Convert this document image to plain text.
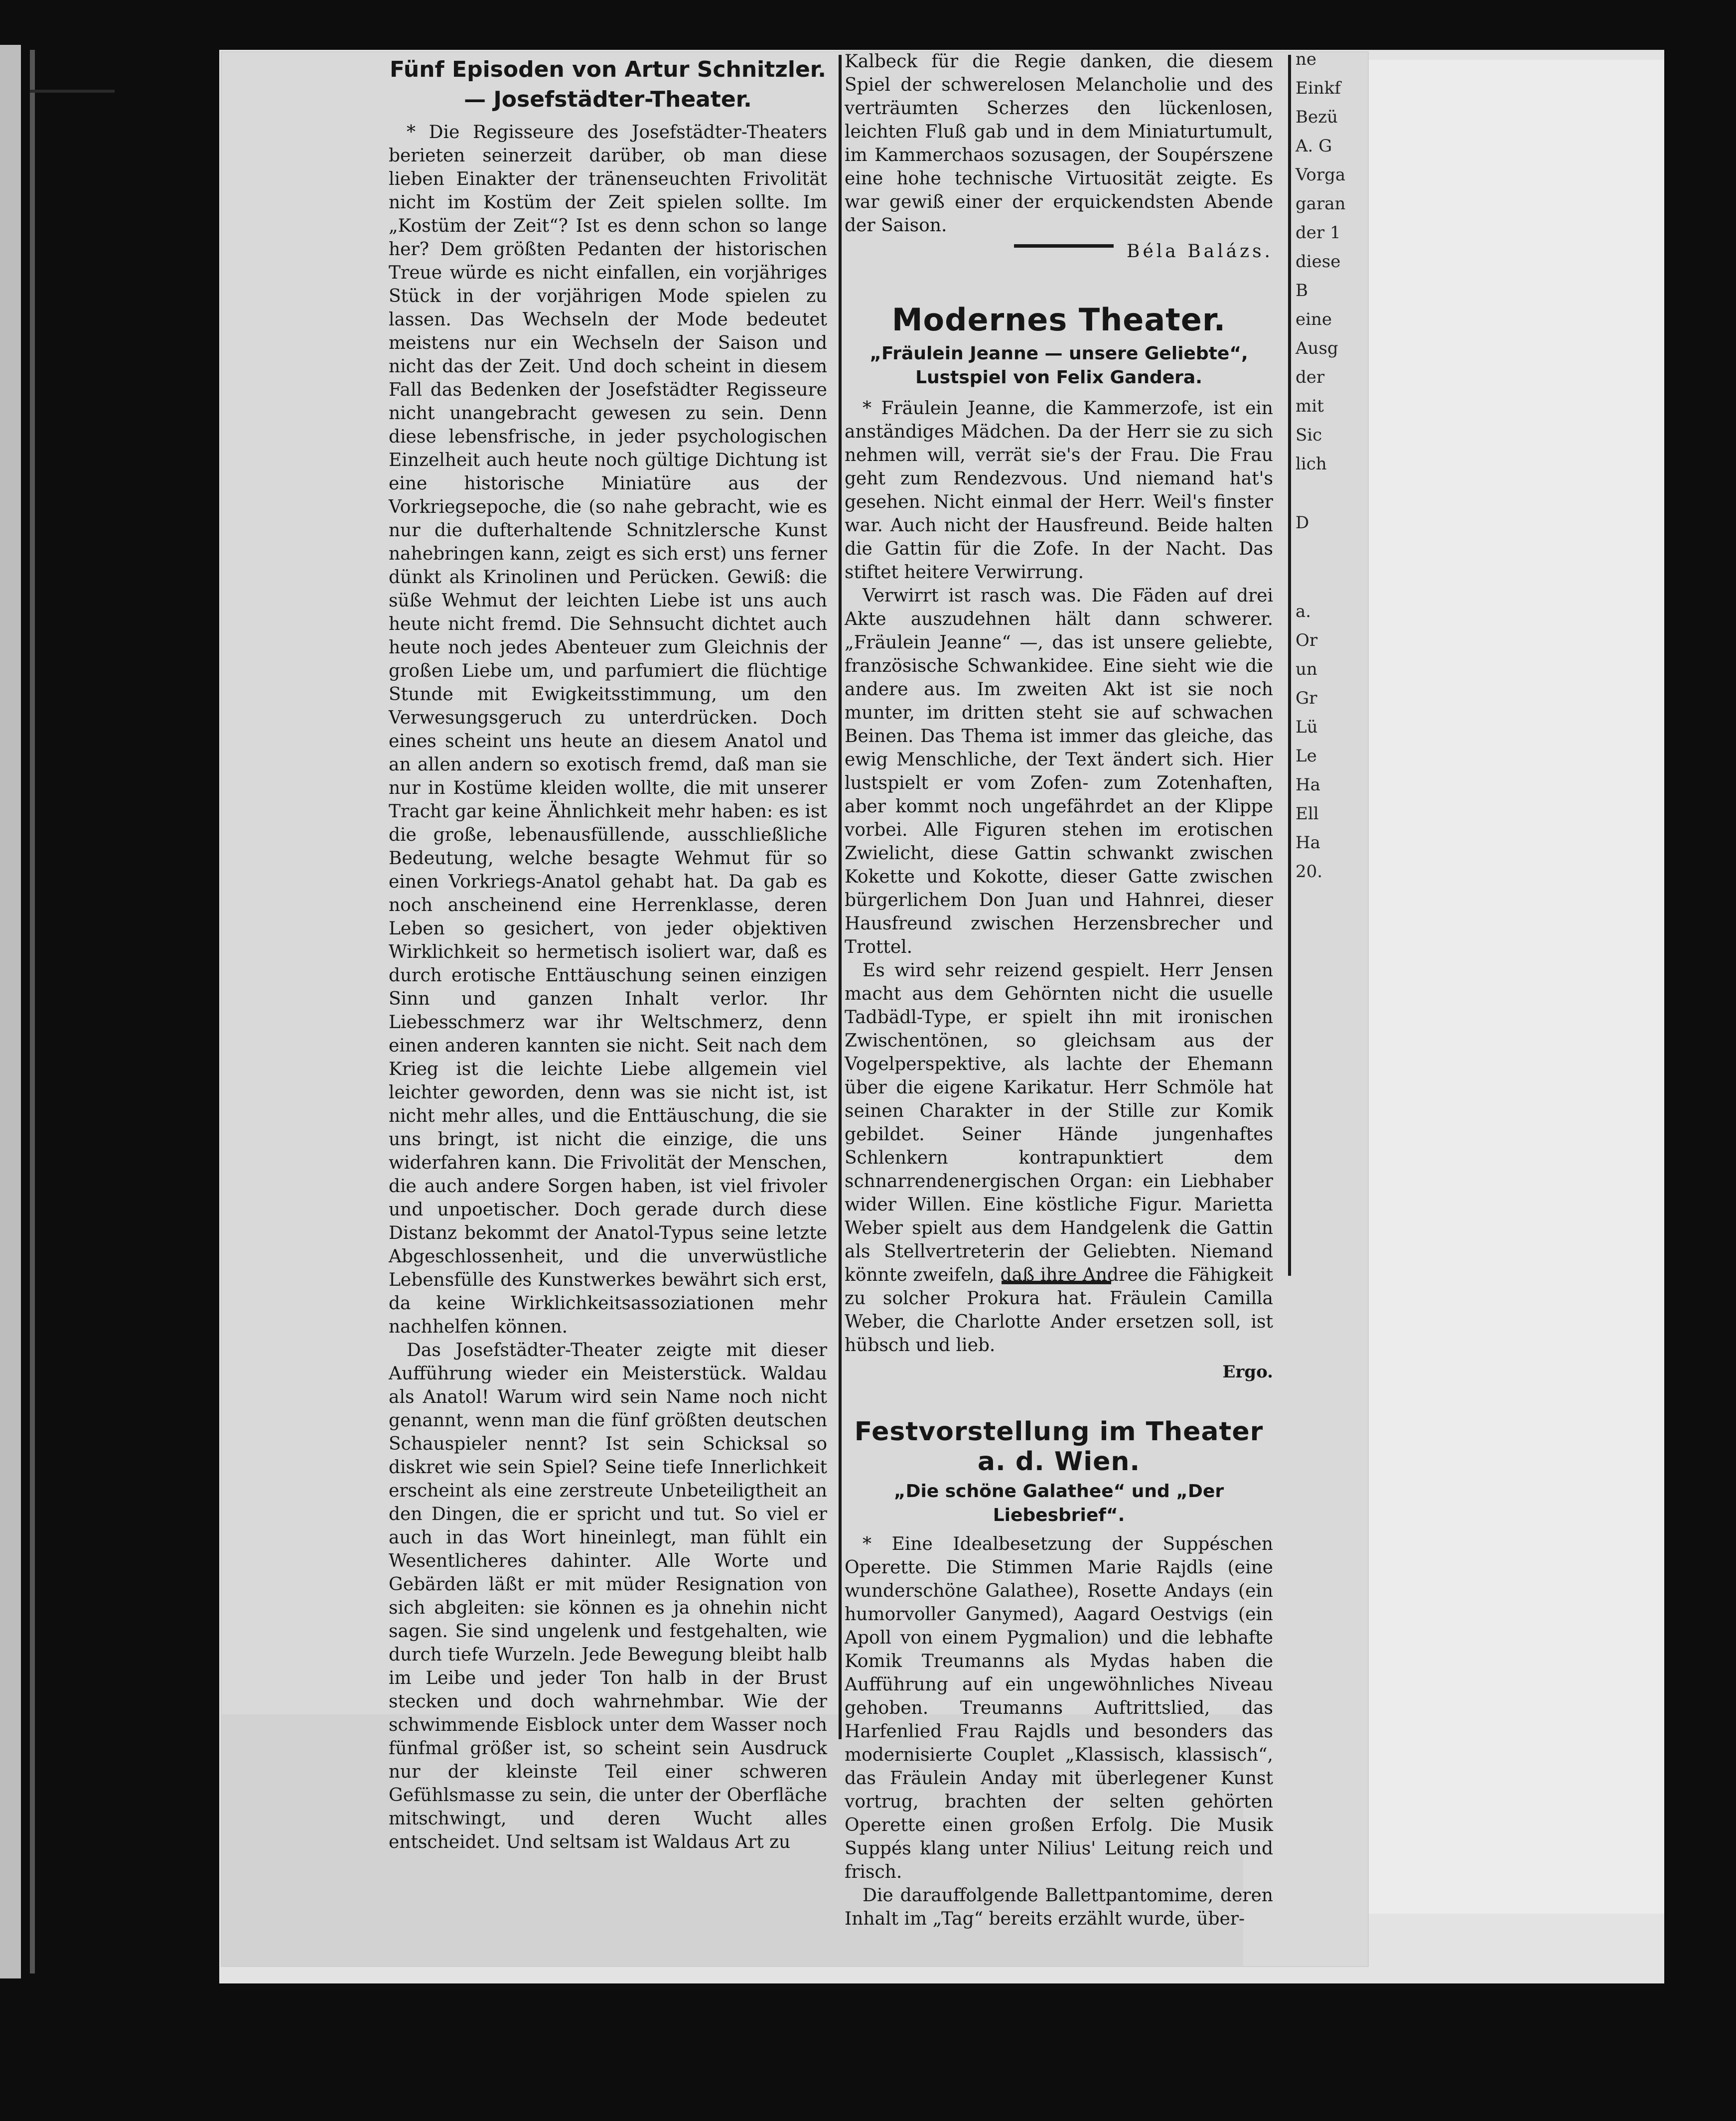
Fünf Episoden von Artur Schnitzler. — Josefstädter-Theater.

* Die Regisseure des Josefstädter-Theaters berieten seinerzeit darüber, ob man diese lieben Einakter der tränenseuchten Frivolität nicht im Kostüm der Zeit spielen sollte. Im „Kostüm der Zeit“? Ist es denn schon so lange her? Dem größten Pedanten der historischen Treue würde es nicht einfallen, ein vorjähriges Stück in der vorjährigen Mode spielen zu lassen. Das Wechseln der Mode bedeutet meistens nur ein Wechseln der Saison und nicht das der Zeit. Und doch scheint in diesem Fall das Bedenken der Josefstädter Regisseure nicht unangebracht gewesen zu sein. Denn diese lebensfrische, in jeder psychologischen Einzelheit auch heute noch gültige Dichtung ist eine historische Miniatüre aus der Vorkriegsepoche, die (so nahe gebracht, wie es nur die dufterhaltende Schnitzlersche Kunst nahebringen kann, zeigt es sich erst) uns ferner dünkt als Krinolinen und Perücken. Gewiß: die süße Wehmut der leichten Liebe ist uns auch heute nicht fremd. Die Sehnsucht dichtet auch heute noch jedes Abenteuer zum Gleichnis der großen Liebe um, und parfumiert die flüchtige Stunde mit Ewigkeitsstimmung, um den Verwesungsgeruch zu unterdrücken. Doch eines scheint uns heute an diesem Anatol und an allen andern so exotisch fremd, daß man sie nur in Kostüme kleiden wollte, die mit unserer Tracht gar keine Ähnlichkeit mehr haben: es ist die große, lebenausfüllende, ausschließliche Bedeutung, welche besagte Wehmut für so einen Vorkriegs-Anatol gehabt hat. Da gab es noch anscheinend eine Herrenklasse, deren Leben so gesichert, von jeder objektiven Wirklichkeit so hermetisch isoliert war, daß es durch erotische Enttäuschung seinen einzigen Sinn und ganzen Inhalt verlor. Ihr Liebesschmerz war ihr Weltschmerz, denn einen anderen kannten sie nicht. Seit nach dem Krieg ist die leichte Liebe allgemein viel leichter geworden, denn was sie nicht ist, ist nicht mehr alles, und die Enttäuschung, die sie uns bringt, ist nicht die einzige, die uns widerfahren kann. Die Frivolität der Menschen, die auch andere Sorgen haben, ist viel frivoler und unpoetischer. Doch gerade durch diese Distanz bekommt der Anatol-Typus seine letzte Abgeschlossenheit, und die unverwüstliche Lebensfülle des Kunstwerkes bewährt sich erst, da keine Wirklichkeitsassoziationen mehr nachhelfen können.

Das Josefstädter-Theater zeigte mit dieser Aufführung wieder ein Meisterstück. Waldau als Anatol! Warum wird sein Name noch nicht genannt, wenn man die fünf größten deutschen Schauspieler nennt? Ist sein Schicksal so diskret wie sein Spiel? Seine tiefe Innerlichkeit erscheint als eine zerstreute Unbeteiligtheit an den Dingen, die er spricht und tut. So viel er auch in das Wort hineinlegt, man fühlt ein Wesentlicheres dahinter. Alle Worte und Gebärden läßt er mit müder Resignation von sich abgleiten: sie können es ja ohnehin nicht sagen. Sie sind ungelenk und festgehalten, wie durch tiefe Wurzeln. Jede Bewegung bleibt halb im Leibe und jeder Ton halb in der Brust stecken und doch wahrnehmbar. Wie der schwimmende Eisblock unter dem Wasser noch fünfmal größer ist, so scheint sein Ausdruck nur der kleinste Teil einer schweren Gefühlsmasse zu sein, die unter der Oberfläche mitschwingt, und deren Wucht alles entscheidet. Und seltsam ist Waldaus Art zu

Kalbeck für die Regie danken, die diesem Spiel der schwerelosen Melancholie und des verträumten Scherzes den lückenlosen, leichten Fluß gab und in dem Miniaturtumult, im Kammerchaos sozusagen, der Soupérszene eine hohe technische Virtuosität zeigte. Es war gewiß einer der erquickendsten Abende der Saison.

Béla Balázs.

Modernes Theater.

„Fräulein Jeanne — unsere Geliebte“, Lustspiel von Felix Gandera.

* Fräulein Jeanne, die Kammerzofe, ist ein anständiges Mädchen. Da der Herr sie zu sich nehmen will, verrät sie's der Frau. Die Frau geht zum Rendezvous. Und niemand hat's gesehen. Nicht einmal der Herr. Weil's finster war. Auch nicht der Hausfreund. Beide halten die Gattin für die Zofe. In der Nacht. Das stiftet heitere Verwirrung.

Verwirrt ist rasch was. Die Fäden auf drei Akte auszudehnen hält dann schwerer. „Fräulein Jeanne“ —, das ist unsere geliebte, französische Schwankidee. Eine sieht wie die andere aus. Im zweiten Akt ist sie noch munter, im dritten steht sie auf schwachen Beinen. Das Thema ist immer das gleiche, das ewig Menschliche, der Text ändert sich. Hier lustspielt er vom Zofen- zum Zotenhaften, aber kommt noch ungefährdet an der Klippe vorbei. Alle Figuren stehen im erotischen Zwielicht, diese Gattin schwankt zwischen Kokette und Kokotte, dieser Gatte zwischen bürgerlichem Don Juan und Hahnrei, dieser Hausfreund zwischen Herzensbrecher und Trottel.

Es wird sehr reizend gespielt. Herr Jensen macht aus dem Gehörnten nicht die usuelle Tadbädl-Type, er spielt ihn mit ironischen Zwischentönen, so gleichsam aus der Vogelperspektive, als lachte der Ehemann über die eigene Karikatur. Herr Schmöle hat seinen Charakter in der Stille zur Komik gebildet. Seiner Hände jungenhaftes Schlenkern kontrapunktiert dem schnarrendenergischen Organ: ein Liebhaber wider Willen. Eine köstliche Figur. Marietta Weber spielt aus dem Handgelenk die Gattin als Stellvertreterin der Geliebten. Niemand könnte zweifeln, daß ihre Andree die Fähigkeit zu solcher Prokura hat. Fräulein Camilla Weber, die Charlotte Ander ersetzen soll, ist hübsch und lieb.

Ergo.

Festvorstellung im Theater a. d. Wien.

„Die schöne Galathee“ und „Der Liebesbrief“.

* Eine Idealbesetzung der Suppéschen Operette. Die Stimmen Marie Rajdls (eine wunderschöne Galathee), Rosette Andays (ein humorvoller Ganymed), Aagard Oestvigs (ein Apoll von einem Pygmalion) und die lebhafte Komik Treumanns als Mydas haben die Aufführung auf ein ungewöhnliches Niveau gehoben. Treumanns Auftrittslied, das Harfenlied Frau Rajdls und besonders das modernisierte Couplet „Klassisch, klassisch“, das Fräulein Anday mit überlegener Kunst vortrug, brachten der selten gehörten Operette einen großen Erfolg. Die Musik Suppés klang unter Nilius' Leitung reich und frisch.

Die darauffolgende Ballettpantomime, deren Inhalt im „Tag“ bereits erzählt wurde, über-

ne

Einkf

Bezü

A. G

Vorga

garan

der 1

diese

B

eine

Ausg

der

mit

Sic

lich

D

a.

Or

un

Gr

Lü

Le

Ha

Ell

Ha

20.
